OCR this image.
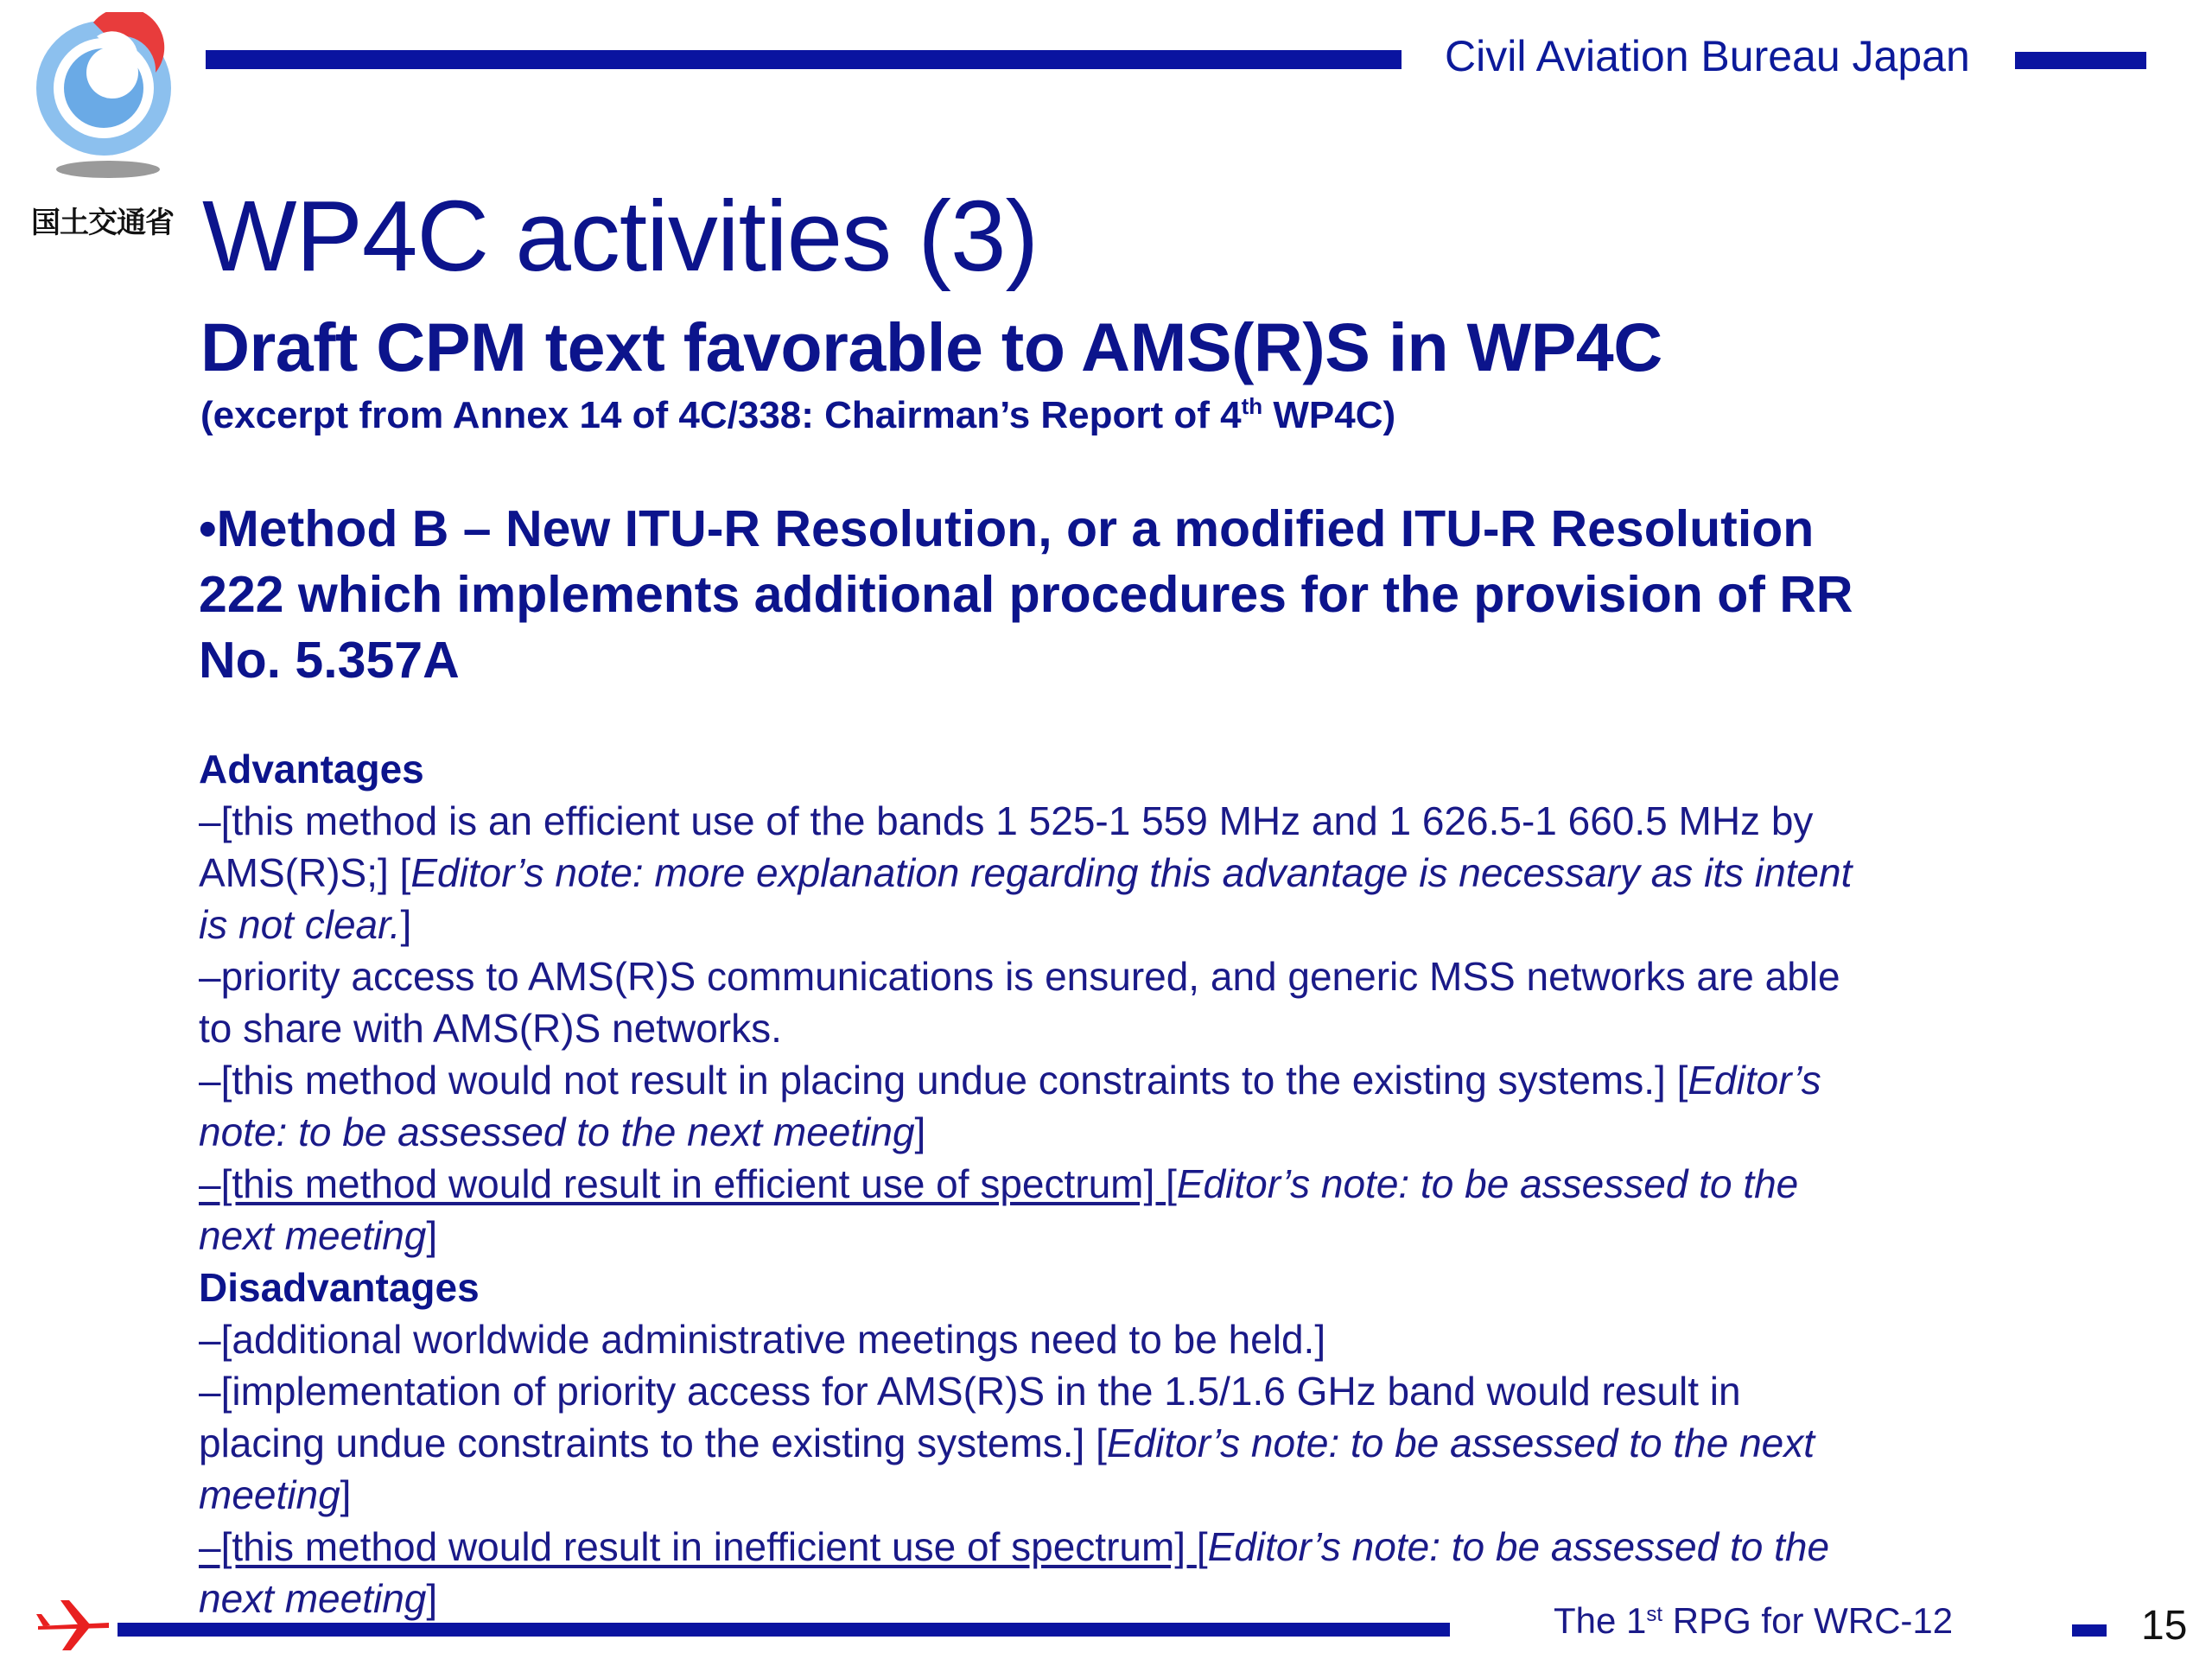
国土交通省
Civil Aviation Bureau Japan
WP4C activities (3)
Draft CPM text favorable to AMS(R)S in WP4C
(excerpt from Annex 14 of 4C/338: Chairman’s Report of 4th WP4C)
•Method B – New ITU-R Resolution, or a modified ITU-R Resolution
222 which implements additional procedures for the provision of RR
No. 5.357A
Advantages
–[this method is an efficient use of the bands 1 525-1 559 MHz and 1 626.5-1 660.5 MHz by
AMS(R)S;] [Editor’s note: more explanation regarding this advantage is necessary as its intent
is not clear.]
–priority access to AMS(R)S communications is ensured, and generic MSS networks are able
to share with AMS(R)S networks.
–[this method would not result in placing undue constraints to the existing systems.] [Editor’s
note: to be assessed to the next meeting]
–[this method would result in efficient use of spectrum] [Editor’s note: to be assessed to the
next meeting]
Disadvantages
–[additional worldwide administrative meetings need to be held.]
–[implementation of priority access for AMS(R)S in the 1.5/1.6 GHz band would result in
placing undue constraints to the existing systems.] [Editor’s note: to be assessed to the next
meeting]
–[this method would result in inefficient use of spectrum] [Editor’s note: to be assessed to the
next meeting]	The 1st RPG for WRC-12	15
